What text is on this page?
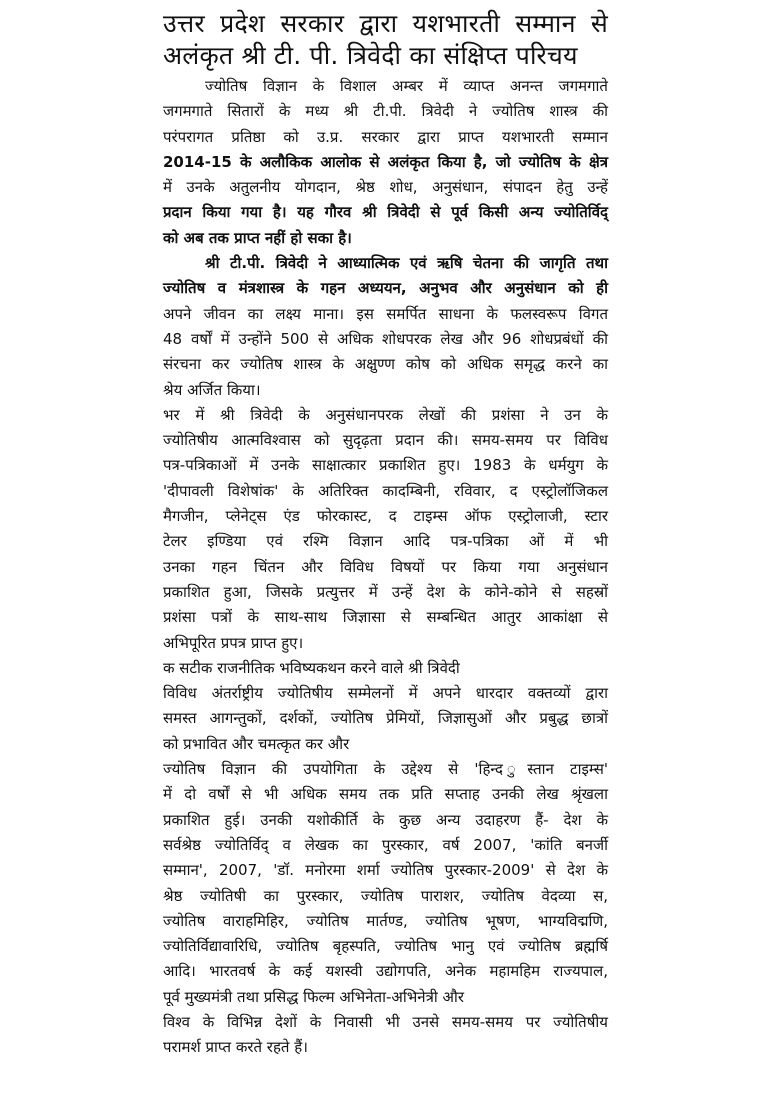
उत्तर प्रदेश सरकार द्वारा यशभारती सम्मान से
अलंकृत श्री टी. पी. त्रिवेदी का संक्षिप्त परिचय
ज्योतिष विज्ञान के विशाल अम्बर में व्याप्त अनन्त जगमगाते
जगमगाते सितारों के मध्य श्री टी.पी. त्रिवेदी ने ज्योतिष शास्त्र की
परंपरागत प्रतिष्ठा को उ.प्र. सरकार द्वारा प्राप्त यशभारती सम्मान
2014-15 के अलौकिक आलोक से अलंकृत किया है, जो ज्योतिष के क्षेत्र
में उनके अतुलनीय योगदान, श्रेष्ठ शोध, अनुसंधान, संपादन हेतु उन्हें
प्रदान किया गया है। यह गौरव श्री त्रिवेदी से पूर्व किसी अन्य ज्योतिर्विद्
को अब तक प्राप्त नहीं हो सका है।
श्री टी.पी. त्रिवेदी ने आध्यात्मिक एवं ऋषि चेतना की जागृति तथा
ज्योतिष व मंत्रशास्त्र के गहन अध्ययन, अनुभव और अनुसंधान को ही
अपने जीवन का लक्ष्य माना। इस समर्पित साधना के फलस्वरूप विगत
48 वर्षों में उन्होंने 500 से अधिक शोधपरक लेख और 96 शोधप्रबंधों की
संरचना कर ज्योतिष शास्त्र के अक्षुण्ण कोष को अधिक समृद्ध करने का
श्रेय अर्जित किया।
भर में श्री त्रिवेदी के अनुसंधानपरक लेखों की प्रशंसा ने उन के
ज्योतिषीय आत्मविश्वास को सुदृढ़ता प्रदान की। समय-समय पर विविध
पत्र-पत्रिकाओं में उनके साक्षात्कार प्रकाशित हुए। 1983 के धर्मयुग के
'दीपावली विशेषांक' के अतिरिक्त कादम्बिनी, रविवार, द एस्ट्रोलॉजिकल
मैगजीन, प्लेनेट्स एंड फोरकास्ट, द टाइम्स ऑफ एस्ट्रोलाजी, स्टार
टेलर इण्डिया एवं रश्मि विज्ञान आदि पत्र-पत्रिका ओं में भी
उनका गहन चिंतन और विविध विषयों पर किया गया अनुसंधान
प्रकाशित हुआ, जिसके प्रत्युत्तर में उन्हें देश के कोने-कोने से सहस्रों
प्रशंसा पत्रों के साथ-साथ जिज्ञासा से सम्बन्धित आतुर आकांक्षा से
अभिपूरित प्रपत्र प्राप्त हुए।
क सटीक राजनीतिक भविष्यकथन करने वाले श्री त्रिवेदी
विविध अंतर्राष्ट्रीय ज्योतिषीय सम्मेलनों में अपने धारदार वक्तव्यों द्वारा
समस्त आगन्तुकों, दर्शकों, ज्योतिष प्रेमियों, जिज्ञासुओं और प्रबुद्ध छात्रों
को प्रभावित और चमत्कृत कर और
ज्योतिष विज्ञान की उपयोगिता के उद्देश्य से 'हिन्द ुस्तान टाइम्स'
में दो वर्षों से भी अधिक समय तक प्रति सप्ताह उनकी लेख श्रृंखला
प्रकाशित हुई। उनकी यशोकीर्ति के कुछ अन्य उदाहरण हैं- देश के
सर्वश्रेष्ठ ज्योतिर्विद् व लेखक का पुरस्कार, वर्ष 2007, 'कांति बनर्जी
सम्मान', 2007, 'डॉ. मनोरमा शर्मा ज्योतिष पुरस्कार-2009' से देश के
श्रेष्ठ ज्योतिषी का पुरस्कार, ज्योतिष पाराशर, ज्योतिष वेदव्या स,
ज्योतिष वाराहमिहिर, ज्योतिष मार्तण्ड, ज्योतिष भूषण, भाग्यविद्मणि,
ज्योतिर्विद्यावारिधि, ज्योतिष बृहस्पति, ज्योतिष भानु एवं ज्योतिष ब्रह्मर्षि
आदि। भारतवर्ष के कई यशस्वी उद्योगपति, अनेक महामहिम राज्यपाल,
पूर्व मुख्यमंत्री तथा प्रसिद्ध फिल्म अभिनेता-अभिनेत्री और
विश्व के विभिन्न देशों के निवासी भी उनसे समय-समय पर ज्योतिषीय
परामर्श प्राप्त करते रहते हैं।
